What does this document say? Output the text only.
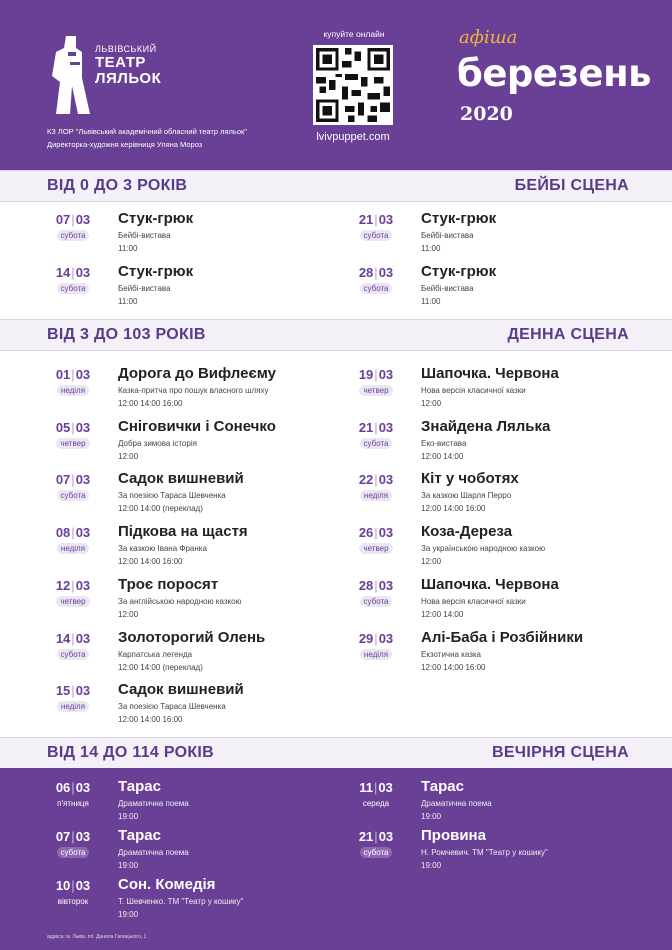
ЛЬВІВСЬКИЙ
ТЕАТР
ЛЯЛЬОК
КЗ ЛОР "Львівський академічний обласний театр ляльок"
Директорка-художня керівниця Уляна Мороз
купуйте онлайн
lvivpuppet.com
афіша
березень
2020
ВІД 0 ДО 3 РОКІВ	БЕЙБІ СЦЕНА
ВІД 3 ДО 103 РОКІВ	ДЕННА СЦЕНА
ВІД 14 ДО 114 РОКІВ	ВЕЧІРНЯ СЦЕНА
07|03
субота
Стук-грюк
Бейбі-вистава
11:00
14|03
субота
Стук-грюк
Бейбі-вистава
11:00
21|03
субота
Стук-грюк
Бейбі-вистава
11:00
28|03
субота
Стук-грюк
Бейбі-вистава
11:00
01|03
неділя
Дорога до Вифлеєму
Казка-притча про пошук власного шляху
12:00 14:00 16:00
05|03
четвер
Сніговички і Сонечко
Добра зимова історія
12:00
07|03
субота
Садок вишневий
За поезією Тараса Шевченка
12:00 14:00 (переклад)
08|03
неділя
Підкова на щастя
За казкою Івана Франка
12:00 14:00 16:00
12|03
четвер
Троє поросят
За англійською народною казкою
12:00
14|03
субота
Золоторогий Олень
Карпатська легенда
12:00 14:00 (переклад)
15|03
неділя
Садок вишневий
За поезією Тараса Шевченка
12:00 14:00 16:00
19|03
четвер
Шапочка. Червона
Нова версія класичної казки
12:00
21|03
субота
Знайдена Лялька
Еко-вистава
12:00 14:00
22|03
неділя
Кіт у чоботях
За казкою Шарля Перро
12:00 14:00 16:00
26|03
четвер
Коза-Дереза
За українською народною казкою
12:00
28|03
субота
Шапочка. Червона
Нова версія класичної казки
12:00 14:00
29|03
неділя
Алі-Баба і Розбійники
Екзотична казка
12:00 14:00 16:00
06|03
п'ятниця
Тарас
Драматична поема
19:00
07|03
субота
Тарас
Драматична поема
19:00
10|03
вівторок
Сон. Комедія
Т. Шевченко. ТМ "Театр у кошику"
19:00
11|03
середа
Тарас
Драматична поема
19:00
21|03
субота
Провина
Н. Ромчевич. ТМ "Театр у кошику"
19:00
адреса: м. Львів, пл. Данила Галицького, 1
